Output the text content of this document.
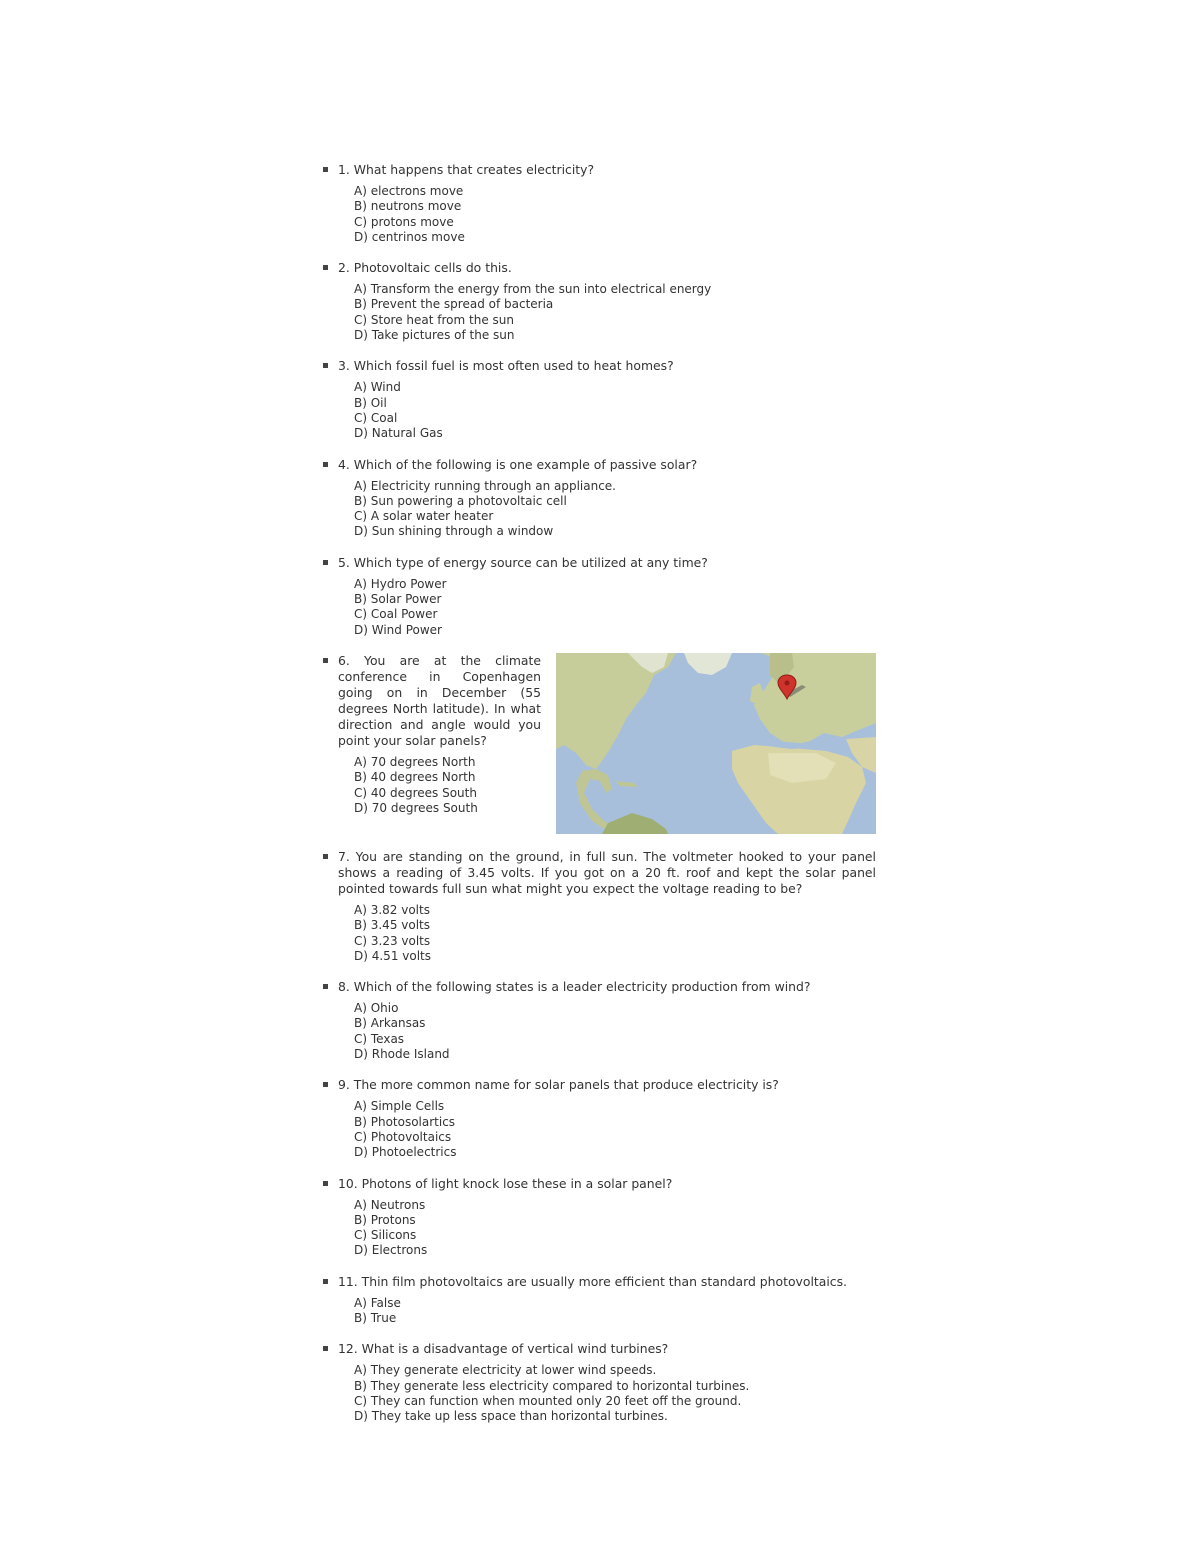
1. What happens that creates electricity?
A) electrons move
B) neutrons move
C) protons move
D) centrinos move
2. Photovoltaic cells do this.
A) Transform the energy from the sun into electrical energy
B) Prevent the spread of bacteria
C) Store heat from the sun
D) Take pictures of the sun
3. Which fossil fuel is most often used to heat homes?
A) Wind
B) Oil
C) Coal
D) Natural Gas
4. Which of the following is one example of passive solar?
A) Electricity running through an appliance.
B) Sun powering a photovoltaic cell
C) A solar water heater
D) Sun shining through a window
5. Which type of energy source can be utilized at any time?
A) Hydro Power
B) Solar Power
C) Coal Power
D) Wind Power
6. You are at the climate conference in Copenhagen going on in December (55 degrees North latitude). In what direction and angle would you point your solar panels?
A) 70 degrees North
B) 40 degrees North
C) 40 degrees South
D) 70 degrees South
7. You are standing on the ground, in full sun. The voltmeter hooked to your panel shows a reading of 3.45 volts. If you got on a 20 ft. roof and kept the solar panel pointed towards full sun what might you expect the voltage reading to be?
A) 3.82 volts
B) 3.45 volts
C) 3.23 volts
D) 4.51 volts
8. Which of the following states is a leader electricity production from wind?
A) Ohio
B) Arkansas
C) Texas
D) Rhode Island
9. The more common name for solar panels that produce electricity is?
A) Simple Cells
B) Photosolartics
C) Photovoltaics
D) Photoelectrics
10. Photons of light knock lose these in a solar panel?
A) Neutrons
B) Protons
C) Silicons
D) Electrons
11. Thin film photovoltaics are usually more efficient than standard photovoltaics.
A) False
B) True
12. What is a disadvantage of vertical wind turbines?
A) They generate electricity at lower wind speeds.
B) They generate less electricity compared to horizontal turbines.
C) They can function when mounted only 20 feet off the ground.
D) They take up less space than horizontal turbines.
